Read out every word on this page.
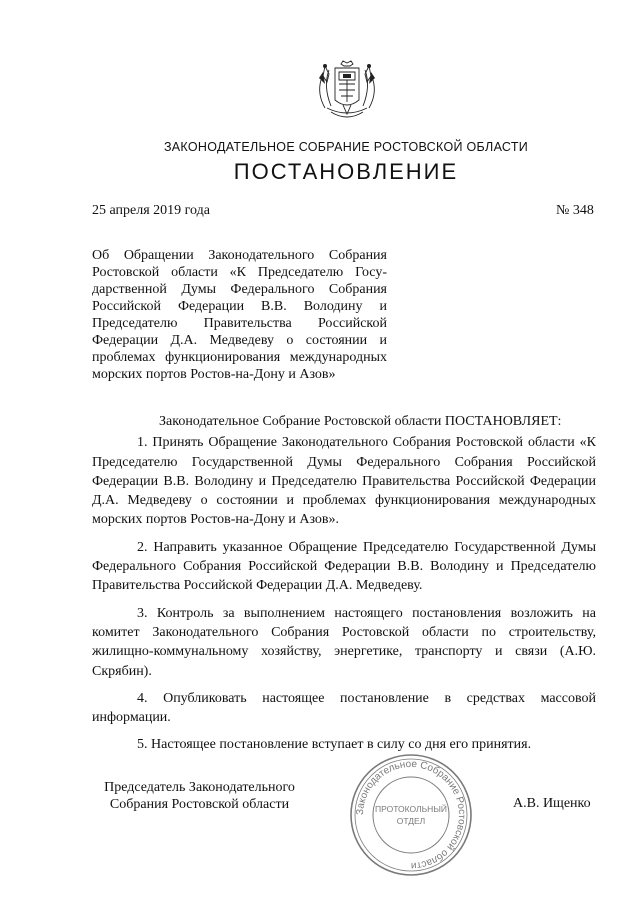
ЗАКОНОДАТЕЛЬНОЕ СОБРАНИЕ РОСТОВСКОЙ ОБЛАСТИ
ПОСТАНОВЛЕНИЕ
25 апреля 2019 года	№ 348
Об Обращении Законодательного Собрания Ростовской области «К Председателю Государственной Думы Федерального Собрания Российской Федерации В.В. Володину и Председателю Правительства Российской Федерации Д.А. Медведеву о состоянии и проблемах функционирования международных морских портов Ростов-на-Дону и Азов»

Законодательное Собрание Ростовской области ПОСТАНОВЛЯЕТ:

1. Принять Обращение Законодательного Собрания Ростовской области «К Председателю Государственной Думы Федерального Собрания Российской Федерации В.В. Володину и Председателю Правительства Российской Федерации Д.А. Медведеву о состоянии и проблемах функционирования международных морских портов Ростов-на-Дону и Азов».

2. Направить указанное Обращение Председателю Государственной Думы Федерального Собрания Российской Федерации В.В. Володину и Председателю Правительства Российской Федерации Д.А. Медведеву.

3. Контроль за выполнением настоящего постановления возложить на комитет Законодательного Собрания Ростовской области по строительству, жилищно-коммунальному хозяйству, энергетике, транспорту и связи (А.Ю. Скрябин).

4. Опубликовать настоящее постановление в средствах массовой информации.

5. Настоящее постановление вступает в силу со дня его принятия.

Председатель Законодательного
Собрания Ростовской области	А.В. Ищенко
Законодательное Собрание Ростовской области
ПРОТОКОЛЬНЫЙ
ОТДЕЛ
